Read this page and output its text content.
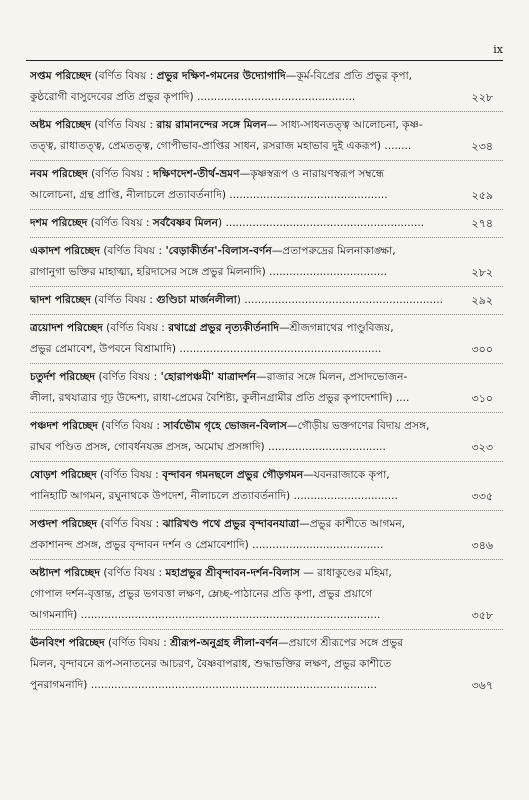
ix
সপ্তম পরিচ্ছেদ (বর্ণিত বিষয় : প্রভুর দক্ষিণ-গমনের উদ্যোগাদি—কূর্ম-বিপ্রের প্রতি প্রভুর কৃপা,
কুষ্ঠরোগী বাসুদেবের প্রতি প্রভুর কৃপাদি) ...............................................	২২৮
অষ্টম পরিচ্ছেদ (বর্ণিত বিষয় : রায় রামানন্দের সঙ্গে মিলন— সাধ্য-সাধনতত্ত্ব আলোচনা, কৃষ্ণ-
তত্ত্ব, রাধাতত্ত্ব, প্রেমতত্ত্ব, গোপীভাব-প্রাপ্তির সাধন, রসরাজ মহাভাব দুই একরূপ) ........	২৩৪
নবম পরিচ্ছেদ (বর্ণিত বিষয় : দক্ষিণদেশ-তীর্থ-ভ্রমণ—কৃষ্ণস্বরূপ ও নারায়ণস্বরূপ সম্বন্ধে
আলোচনা, গ্রন্থ প্রাপ্তি, নীলাচলে প্রত্যাবর্তনাদি) ...............................................	২৫৯
দশম পরিচ্ছেদ (বর্ণিত বিষয় : সর্ববৈষ্ণব মিলন) ...........................................................	২৭৪
একাদশ পরিচ্ছেদ (বর্ণিত বিষয় : 'বেড়াকীর্তন'-বিলাস-বর্ণন—প্রতাপরুদ্রের মিলনাকাঙ্ক্ষা,
রাগানুগা ভক্তির মাহাত্ম্য, হরিদাসের সঙ্গে প্রভুর মিলনাদি) ...................................	২৮২
দ্বাদশ পরিচ্ছেদ (বর্ণিত বিষয় : গুণ্ডিচা মার্জনলীলা) ...........................................................	২৯২
ত্রয়োদশ পরিচ্ছেদ (বর্ণিত বিষয় : রথাগ্রে প্রভুর নৃত্যকীর্তনাদি—শ্রীজগন্নাথের পাণ্ডুবিজয়,
প্রভুর প্রেমাবেশ, উপবনে বিশ্রামাদি) ............................................................	৩০০
চতুর্দশ পরিচ্ছেদ (বর্ণিত বিষয় : 'হোরাপঞ্চমী' যাত্রাদর্শন—রাজার সঙ্গে মিলন, প্রসাদভোজন-
লীলা, রথযাত্রার গূঢ় উদ্দেশ্য, রাধা-প্রেমের বৈশিষ্ট্য, কুলীনগ্রামীর প্রতি প্রভুর কৃপাদেশাদি) ....	৩১০
পঞ্চদশ পরিচ্ছেদ (বর্ণিত বিষয় : সার্বভৌম গৃহে ভোজন-বিলাস—গৌড়ীয় ভক্তগণের বিদায় প্রসঙ্গ,
রাঘব পণ্ডিত প্রসঙ্গ, গোবর্ধনযজ্ঞ প্রসঙ্গ, অমোঘ প্রসঙ্গাদি) ...................................	৩২৩
ষোড়শ পরিচ্ছেদ (বর্ণিত বিষয় : বৃন্দাবন গমনছলে প্রভুর গৌড়গমন—যবনরাজাকে কৃপা,
পানিহাটি আগমন, রঘুনাথকে উপদেশ, নীলাচলে প্রত্যাবর্তনাদি) ...............................	৩৩৫
সপ্তদশ পরিচ্ছেদ (বর্ণিত বিষয় : ঝারিখণ্ড পথে প্রভুর বৃন্দাবনযাত্রা—প্রভুর কাশীতে আগমন,
প্রকাশানন্দ প্রসঙ্গ, প্রভুর বৃন্দাবন দর্শন ও প্রেমাবেশাদি) .......................................	৩৪৬
অষ্টাদশ পরিচ্ছেদ (বর্ণিত বিষয় : মহাপ্রভুর শ্রীবৃন্দাবন-দর্শন-বিলাস — রাধাকুণ্ডের মহিমা,
গোপাল দর্শন-বৃত্তান্ত, প্রভুর ভগবত্তা লক্ষণ, ম্লেচ্ছ-পাঠানের প্রতি কৃপা, প্রভুর প্রয়াগে
আগমনাদি) .........................................................................................	৩৫৮
ঊনবিংশ পরিচ্ছেদ (বর্ণিত বিষয় : শ্রীরূপ-অনুগ্রহ লীলা-বর্ণন—প্রয়াগে শ্রীরূপের সঙ্গে প্রভুর
মিলন, বৃন্দাবনে রূপ-সনাতনের আচরণ, বৈষ্ণবাপরাধ, শুদ্ধাভক্তির লক্ষণ, প্রভুর কাশীতে
পুনরাগমনাদি) .....................................................................................	৩৬৭
